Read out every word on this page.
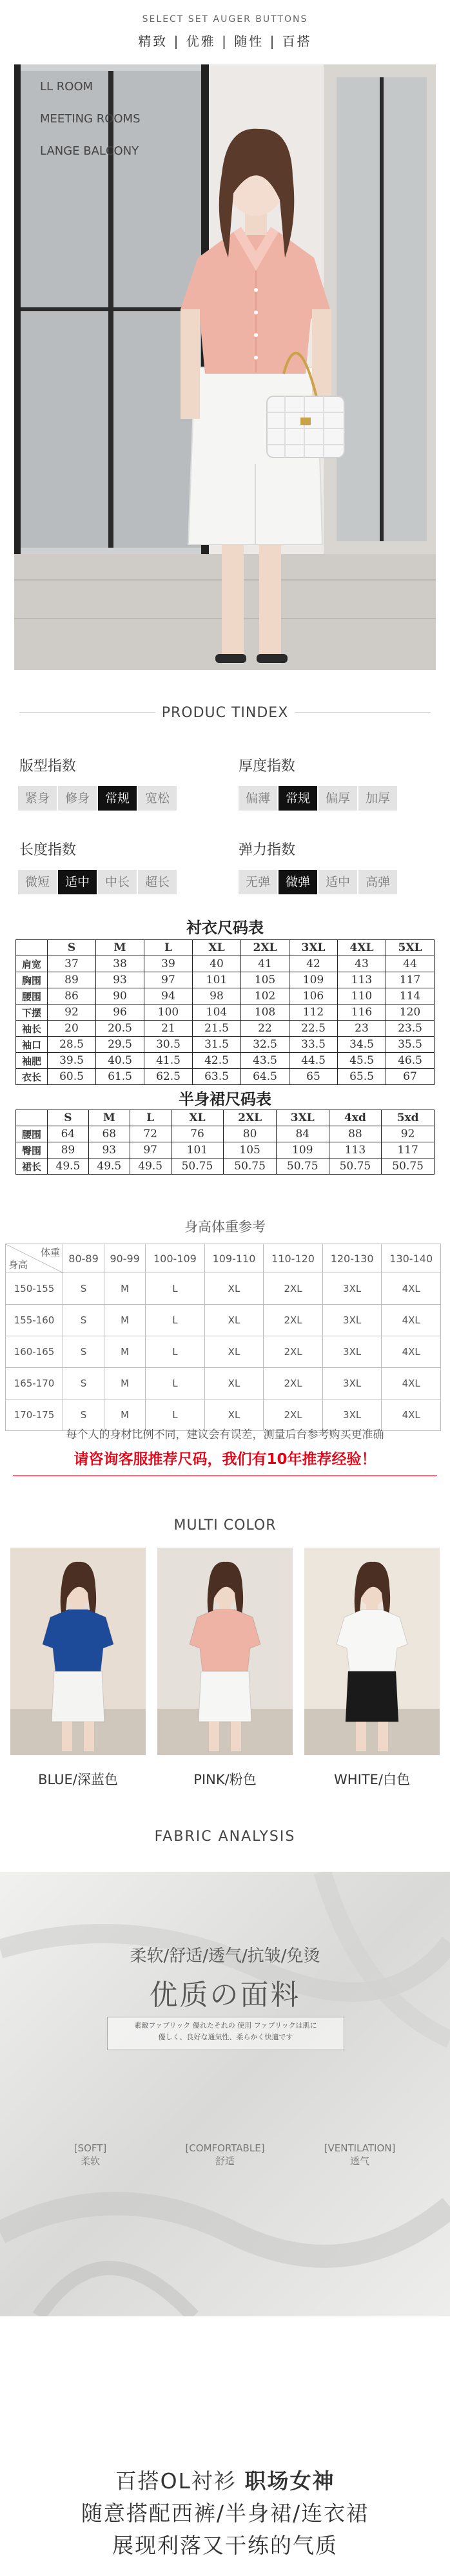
SELECT SET AUGER BUTTONS
精致 | 优雅 | 随性 | 百搭
LL ROOM
MEETING ROOMS
LANGE BALCONY
PRODUC TINDEX
版型指数
紧身	修身	常规	宽松
厚度指数
偏薄	常规	偏厚	加厚
长度指数
微短	适中	中长	超长
弹力指数
无弹	微弹	适中	高弹
衬衣尺码表
	S	M	L	XL	2XL	3XL	4XL	5XL
肩宽	37	38	39	40	41	42	43	44
胸围	89	93	97	101	105	109	113	117
腰围	86	90	94	98	102	106	110	114
下摆	92	96	100	104	108	112	116	120
袖长	20	20.5	21	21.5	22	22.5	23	23.5
袖口	28.5	29.5	30.5	31.5	32.5	33.5	34.5	35.5
袖肥	39.5	40.5	41.5	42.5	43.5	44.5	45.5	46.5
衣长	60.5	61.5	62.5	63.5	64.5	65	65.5	67
半身裙尺码表
	S	M	L	XL	2XL	3XL	4xd	5xd
腰围	64	68	72	76	80	84	88	92
臀围	89	93	97	101	105	109	113	117
裙长	49.5	49.5	49.5	50.75	50.75	50.75	50.75	50.75
身高体重参考
体重
身高	80-89	90-99	100-109	109-110	110-120	120-130	130-140
150-155	S	M	L	XL	2XL	3XL	4XL
155-160	S	M	L	XL	2XL	3XL	4XL
160-165	S	M	L	XL	2XL	3XL	4XL
165-170	S	M	L	XL	2XL	3XL	4XL
170-175	S	M	L	XL	2XL	3XL	4XL
每个人的身材比例不同，建议会有误差，测量后台参考购买更准确
请咨询客服推荐尺码，我们有10年推荐经验！
MULTI COLOR
BLUE/深蓝色	PINK/粉色	WHITE/白色
FABRIC ANALYSIS
柔软/舒适/透气/抗皱/免烫
优质の面料
素敵ファブリック 優れたそれの 使用 ファブリックは肌に
優しく、良好な通気性、柔らかく快適です
[SOFT]
柔软
[COMFORTABLE]
舒适
[VENTILATION]
透气
百搭OL衬衫 职场女神
随意搭配西裤/半身裙/连衣裙
展现利落又干练的气质
